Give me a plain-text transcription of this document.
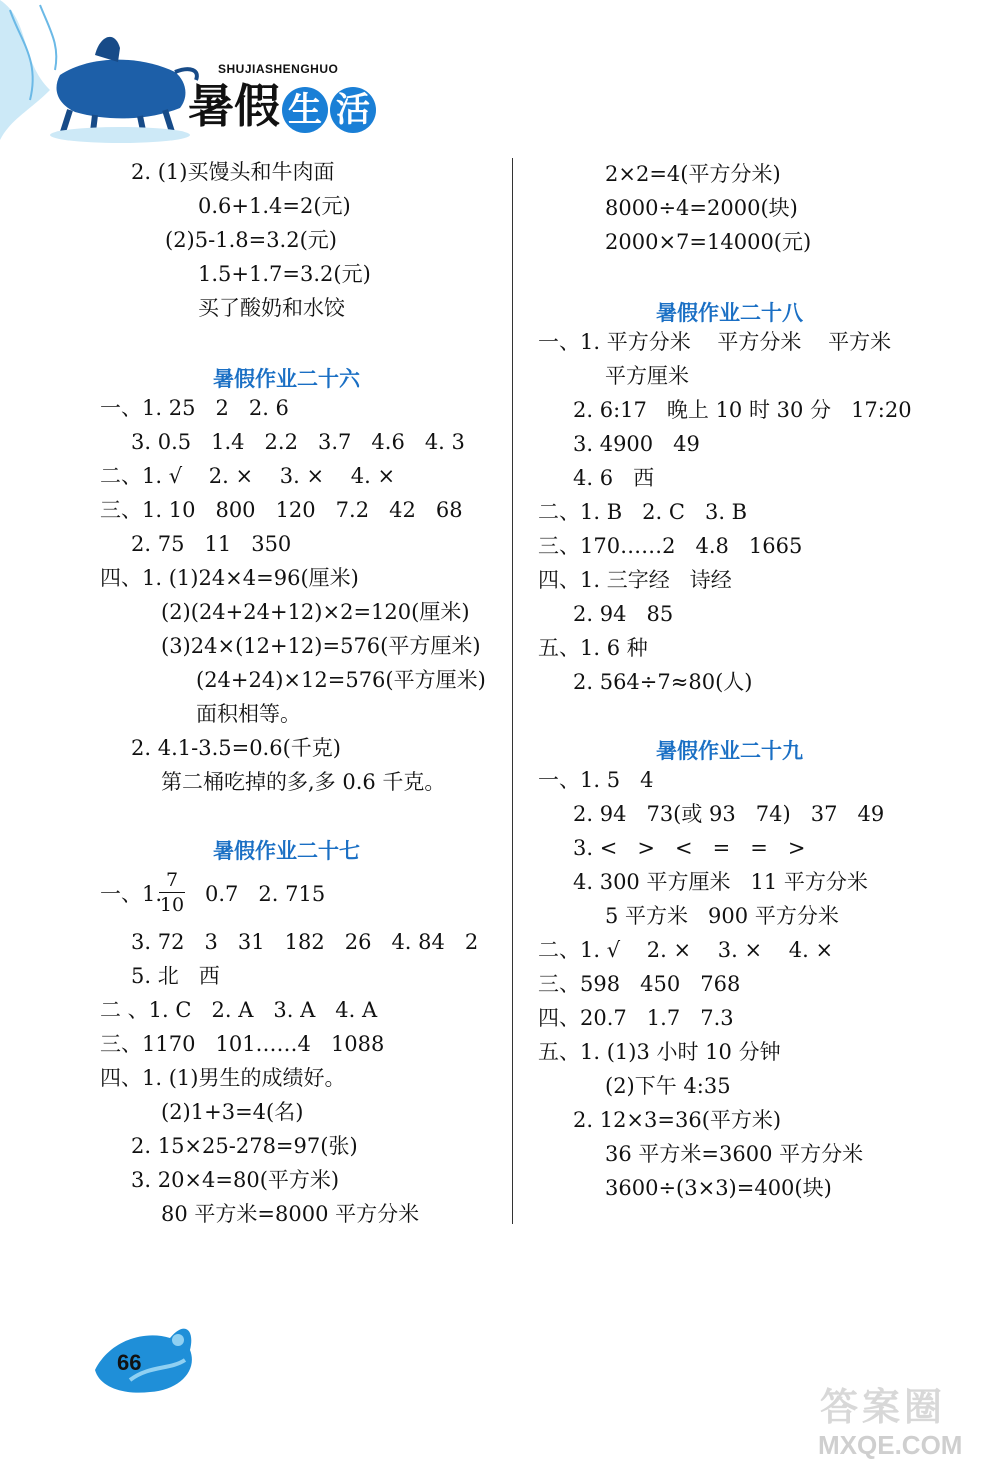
SHUJIASHENGHUO
暑假 生 活
2. (1)买馒头和牛肉面
0.6+1.4=2(元)
(2)5-1.8=3.2(元)
1.5+1.7=3.2(元)
买了酸奶和水饺
暑假作业二十六
一、1. 25   2   2. 6
3. 0.5   1.4   2.2   3.7   4.6   4. 3
二、1. √    2. ×    3. ×    4. ×
三、1. 10   800   120   7.2   42   68
2. 75   11   350
四、1. (1)24×4=96(厘米)
(2)(24+24+12)×2=120(厘米)
(3)24×(12+12)=576(平方厘米)
(24+24)×12=576(平方厘米)
面积相等。
2. 4.1-3.5=0.6(千克)
第二桶吃掉的多,多 0.6 千克。
暑假作业二十七
一、1.
7
10 0.7   2. 715
3. 72   3   31   182   26   4. 84   2
5. 北   西
二 、1. C   2. A   3. A   4. A
三、1170   101……4   1088
四、1. (1)男生的成绩好。
(2)1+3=4(名)
2. 15×25-278=97(张)
3. 20×4=80(平方米)
80 平方米=8000 平方分米
2×2=4(平方分米)
8000÷4=2000(块)
2000×7=14000(元)
暑假作业二十八
一、1. 平方分米    平方分米    平方米
平方厘米
2. 6:17   晚上 10 时 30 分   17:20
3. 4900   49
4. 6   西
二、1. B   2. C   3. B
三、170……2   4.8   1665
四、1. 三字经   诗经
2. 94   85
五、1. 6 种
2. 564÷7≈80(人)
暑假作业二十九
一、1. 5   4
2. 94   73(或 93   74)   37   49
3. <   >   <   =   =   >
4. 300 平方厘米   11 平方分米
5 平方米   900 平方分米
二、1. √    2. ×    3. ×    4. ×
三、598   450   768
四、20.7   1.7   7.3
五、1. (1)3 小时 10 分钟
(2)下午 4:35
2. 12×3=36(平方米)
36 平方米=3600 平方分米
3600÷(3×3)=400(块)
66
答案圈
MXQE.COM
